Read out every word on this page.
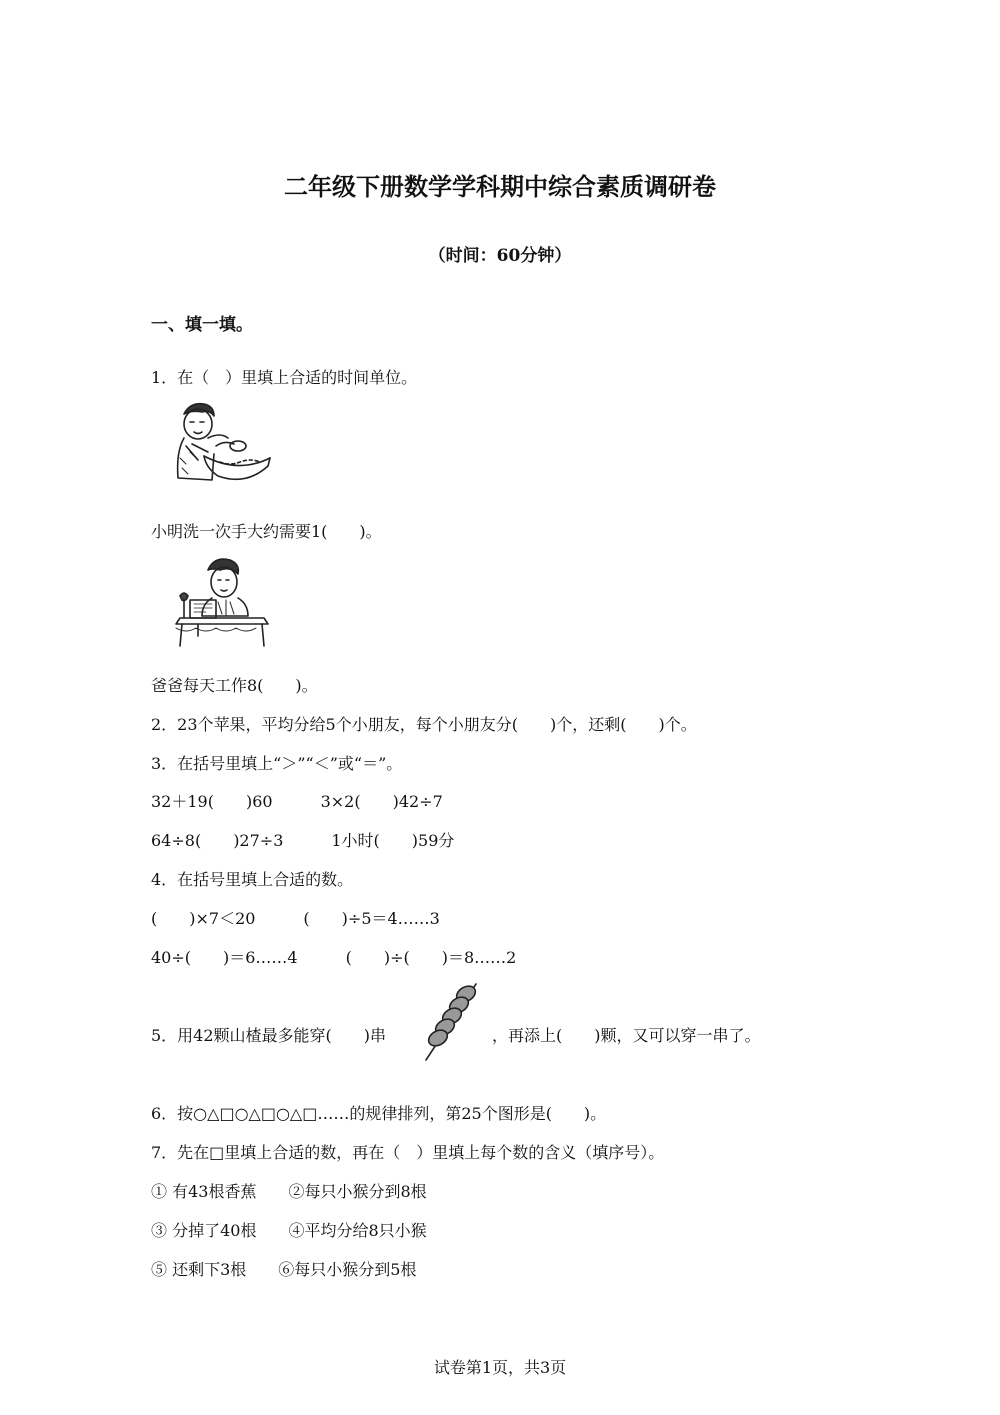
二年级下册数学学科期中综合素质调研卷
（时间：60分钟）
一、填一填。
1．在（　）里填上合适的时间单位。
小明洗一次手大约需要1(　　)。
爸爸每天工作8(　　)。
2．23个苹果，平均分给5个小朋友，每个小朋友分(　　)个，还剩(　　)个。
3．在括号里填上“＞”“＜”或“＝”。
32＋19(　　)60　　　3×2(　　)42÷7
64÷8(　　)27÷3　　　1小时(　　)59分
4．在括号里填上合适的数。
(　　)×7＜20　　　(　　)÷5＝4……3
40÷(　　)＝6……4　　　(　　)÷(　　)＝8……2
5．用42颗山楂最多能穿(　　)串	，再添上(　　)颗，又可以穿一串了。
6．按○△□○△□○△□……的规律排列，第25个图形是(　　)。
7．先在□里填上合适的数，再在（　）里填上每个数的含义（填序号）。
① 有43根香蕉　　②每只小猴分到8根
③ 分掉了40根　　④平均分给8只小猴
⑤ 还剩下3根　　⑥每只小猴分到5根
试卷第1页，共3页
